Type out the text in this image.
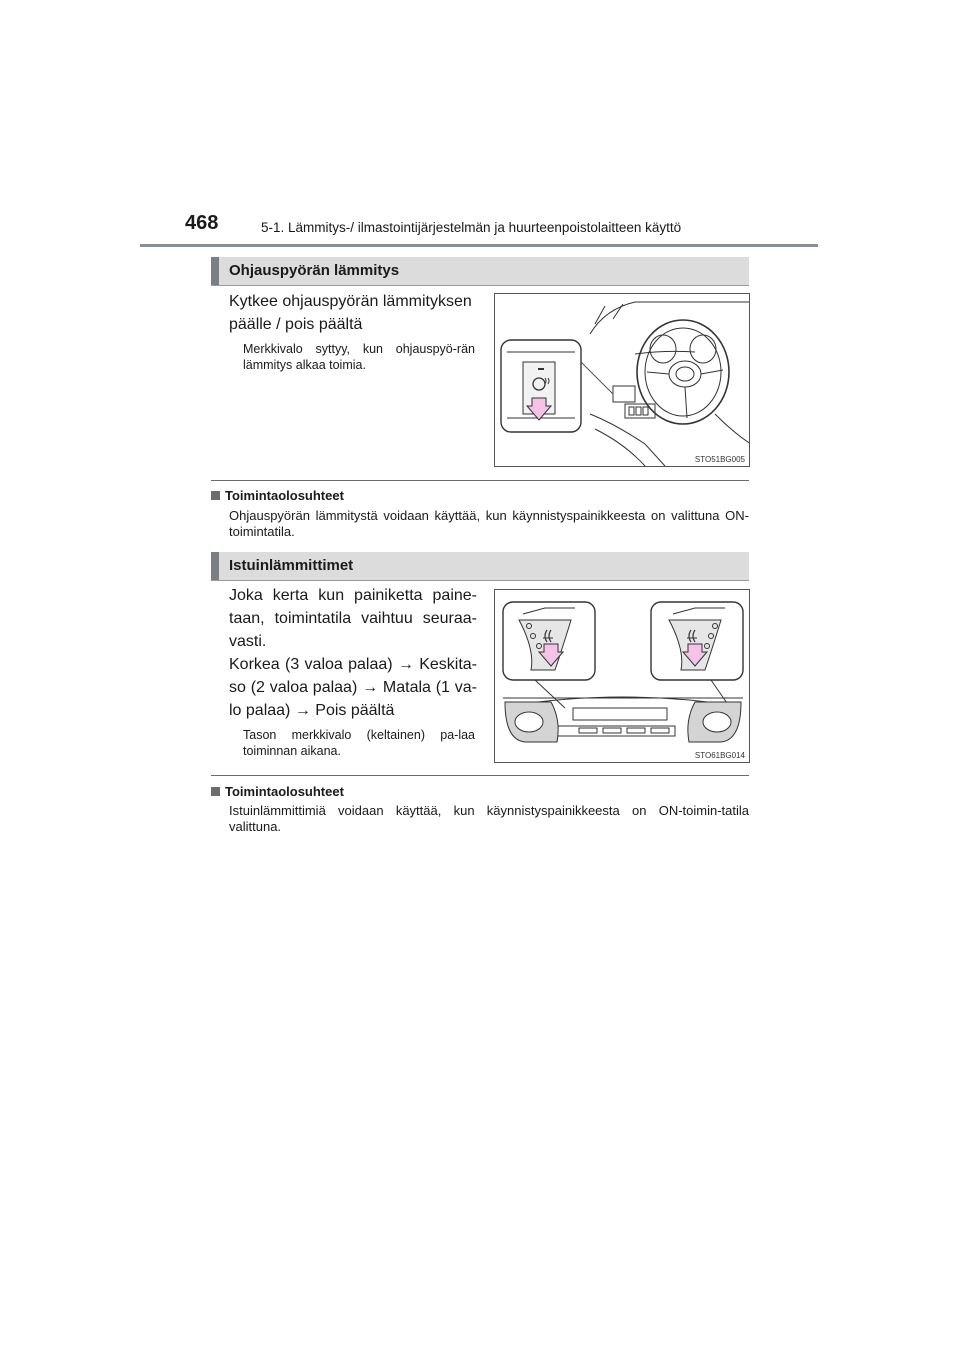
468	5-1. Lämmitys-/ ilmastointijärjestelmän ja huurteenpoistolaitteen käyttö
Ohjauspyörän lämmitys
Kytkee ohjauspyörän lämmityksen päälle / pois päältä
Merkkivalo syttyy, kun ohjauspyö-rän lämmitys alkaa toimia.
STO51BG005
Toimintaolosuhteet
Ohjauspyörän lämmitystä voidaan käyttää, kun käynnistyspainikkeesta on valittuna ON-toimintatila.
Istuinlämmittimet
Joka kerta kun painiketta paine-taan, toimintatila vaihtuu seuraa-vasti.
Korkea (3 valoa palaa) → Keskita-so (2 valoa palaa) → Matala (1 va-lo palaa) → Pois päältä
Tason merkkivalo (keltainen) pa-laa toiminnan aikana.	STO61BG014
Toimintaolosuhteet
Istuinlämmittimiä voidaan käyttää, kun käynnistyspainikkeesta on ON-toimin-tatila valittuna.
